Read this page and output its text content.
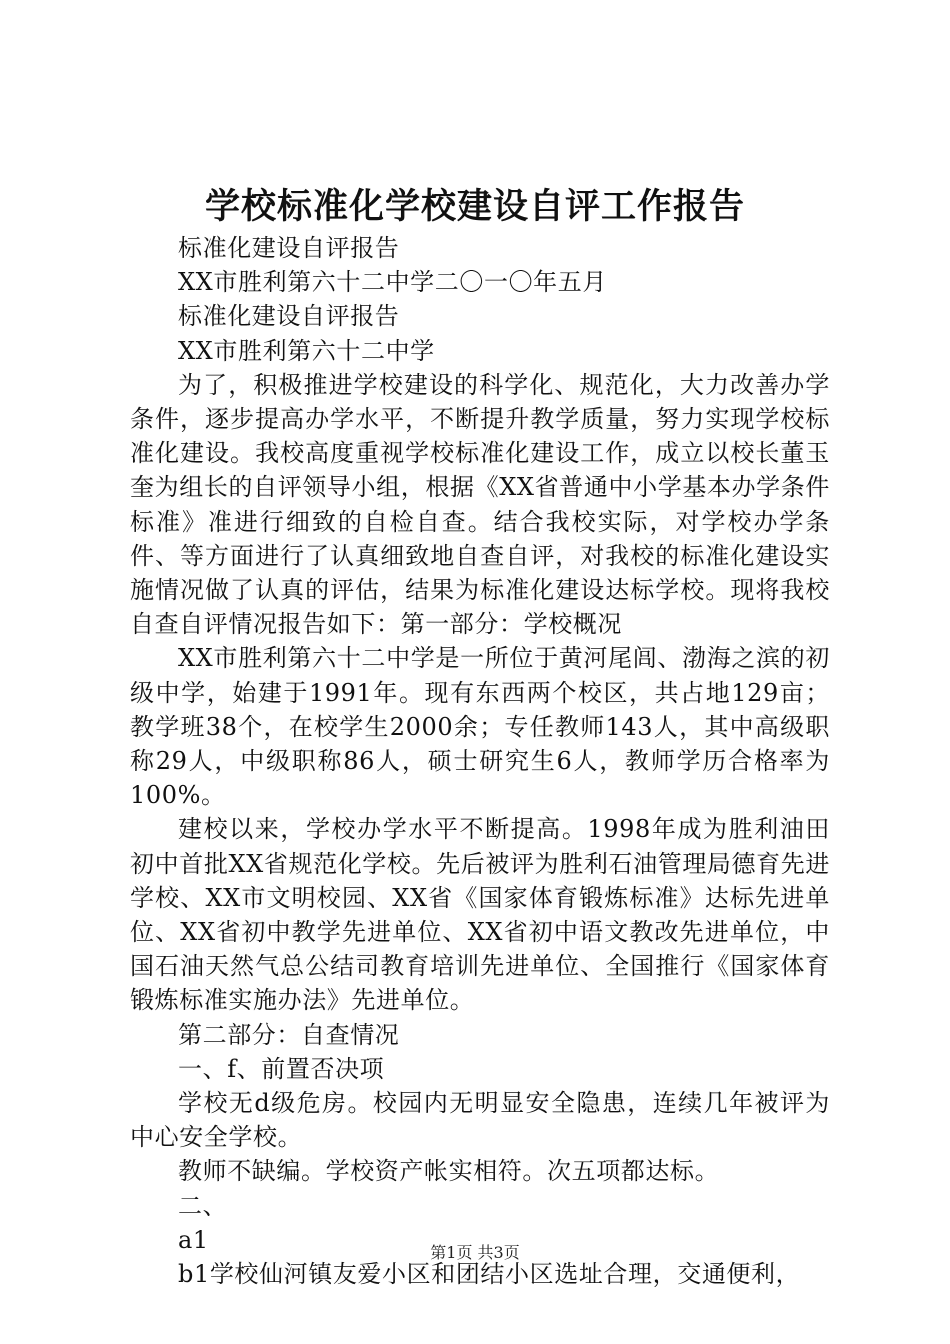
学校标准化学校建设自评工作报告

标准化建设自评报告

XX市胜利第六十二中学二〇一〇年五月

标准化建设自评报告

XX市胜利第六十二中学

为了，积极推进学校建设的科学化、规范化，大力改善办学条件，逐步提高办学水平，不断提升教学质量，努力实现学校标准化建设。我校高度重视学校标准化建设工作，成立以校长董玉奎为组长的自评领导小组，根据《XX省普通中小学基本办学条件标准》准进行细致的自检自查。结合我校实际，对学校办学条件、等方面进行了认真细致地自查自评，对我校的标准化建设实施情况做了认真的评估，结果为标准化建设达标学校。现将我校自查自评情况报告如下：第一部分：学校概况

XX市胜利第六十二中学是一所位于黄河尾闾、渤海之滨的初级中学，始建于1991年。现有东西两个校区，共占地129亩；教学班38个，在校学生2000余；专任教师143人，其中高级职称29人，中级职称86人，硕士研究生6人，教师学历合格率为100%。

建校以来，学校办学水平不断提高。1998年成为胜利油田初中首批XX省规范化学校。先后被评为胜利石油管理局德育先进学校、XX市文明校园、XX省《国家体育锻炼标准》达标先进单位、XX省初中教学先进单位、XX省初中语文教改先进单位，中国石油天然气总公结司教育培训先进单位、全国推行《国家体育锻炼标准实施办法》先进单位。

第二部分：自查情况

一、f、前置否决项

学校无d级危房。校园内无明显安全隐患，连续几年被评为中心安全学校。

教师不缺编。学校资产帐实相符。次五项都达标。

二、

a1

b1学校仙河镇友爱小区和团结小区选址合理，交通便利，

第1页 共3页
